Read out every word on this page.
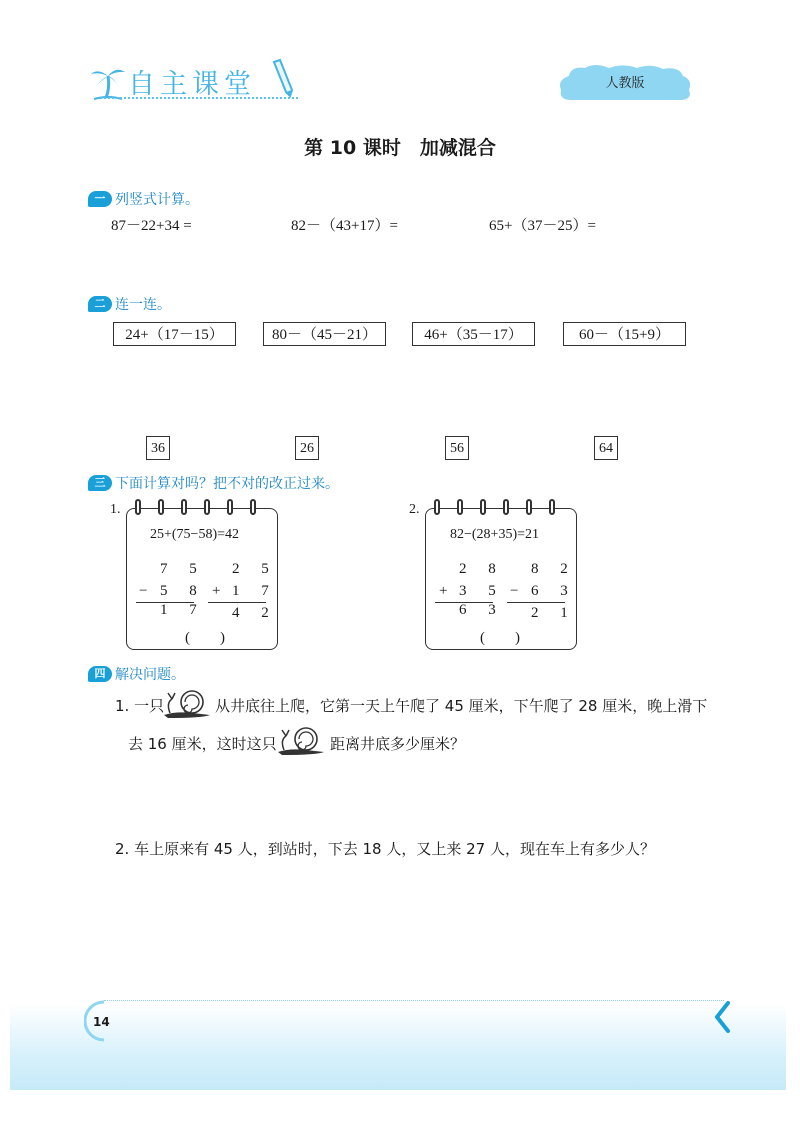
自主课堂	人教版
第 10 课时　加减混合
一 列竖式计算。
87－22+34 =	82－（43+17）=	65+（37－25）=
二 连一连。
24+（17－15）	80－（45－21）	46+（35－17）	60－（15+9）
36	26	56	64
三 下面计算对吗？把不对的改正过来。
1.
25+(75−58)=42
7 5
− 5 8
1 7
2 5
+ 1 7
4 2
(　　)
2.
82−(28+35)=21
2 8
+ 3 5
6 3
8 2
− 6 3
2 1
(　　)
四 解决问题。
1. 一只	从井底往上爬，它第一天上午爬了 45 厘米，下午爬了 28 厘米，晚上滑下
去 16 厘米，这时这只	距离井底多少厘米？
2. 车上原来有 45 人，到站时，下去 18 人，又上来 27 人，现在车上有多少人？
14
